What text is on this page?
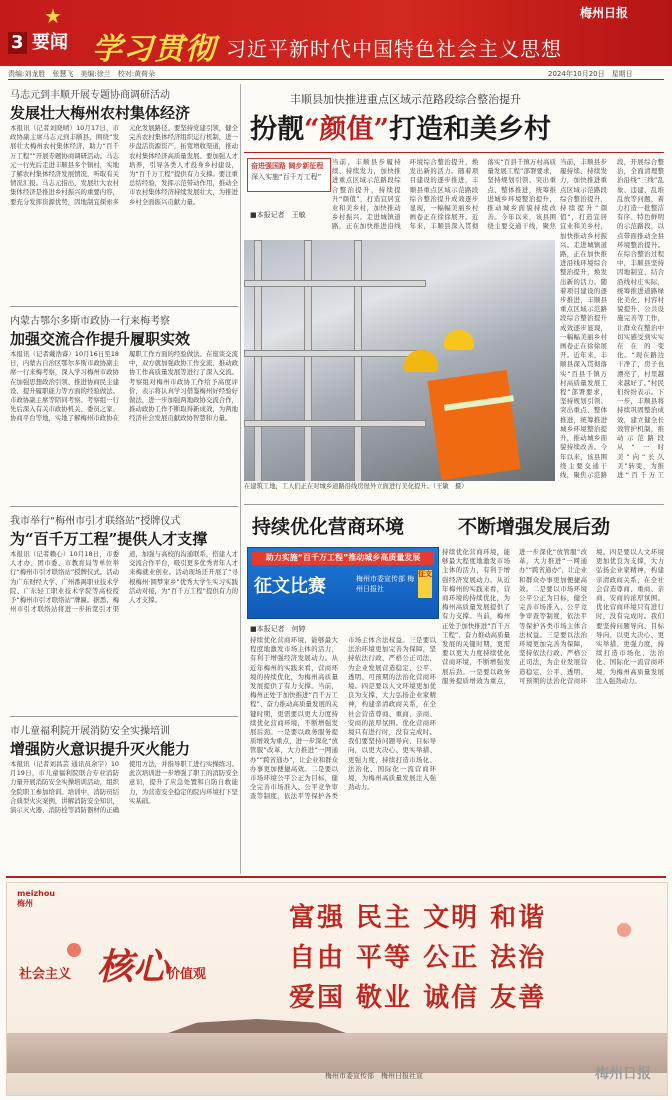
★
3 要闻 学习贯彻 习近平新时代中国特色社会主义思想
梅州日报
责编:刘龙胜　张慧飞　美编:徐兰　校对:黄荷朵	2024年10月20日　星期日
马志元到丰顺开展专题协商调研活动
发展壮大梅州农村集体经济
本报讯（记者刘晓晴）10月17日，市政协副主席马志元到丰顺县，围绕“发展壮大梅州农村集体经济，助力“百千万工程””开展专题协商调研活动。马志元一行先后走进丰顺县多个镇村，实地了解农村集体经济发展情况，听取有关情况汇报。马志元指出，发展壮大农村集体经济是推进乡村振兴的重要内容，要充分发挥资源优势，因地制宜探索多元化发展路径。要坚持党建引领，健全完善农村集体经济组织运行机制，进一步盘活资源资产，拓宽增收渠道，推动农村集体经济高质量发展。要加强人才培养，引导各类人才投身乡村建设，为“百千万工程”提供有力支撑。要注重总结经验，发挥示范带动作用，推动全市农村集体经济持续发展壮大，为推进乡村全面振兴贡献力量。
内蒙古鄂尔多斯市政协一行来梅考察
加强交流合作提升履职实效
本报讯（记者戴浩睿）10月16日至18日，内蒙古自治区鄂尔多斯市政协副主席一行来梅考察，深入学习梅州市政协在加强思想政治引领、推进协商民主建设、提升履职能力等方面的经验做法。市政协副主席等陪同考察。考察组一行先后深入有关市政协机关、委员之家、协商平台等地，实地了解梅州市政协在履职工作方面的经验做法。在座谈交流中，双方就加强政协工作交流、推动政协工作高质量发展等进行了深入交流。考察组对梅州市政协工作给予高度评价，表示将认真学习借鉴梅州好经验好做法，进一步加强两地政协交流合作，推动政协工作不断取得新成效，为两地经济社会发展贡献政协智慧和力量。
我市举行“梅州市引才联络站”授牌仪式
为“百千万工程”提供人才支撑
本报讯（记者赖心）10月18日，市委人才办、团市委、市教育局等单位举行“梅州市引才联络站”授牌仪式。活动为广东财经大学、广州番禺职业技术学院、广东轻工职业技术学院等高校授予“梅州市引才联络站”牌匾。据悉，梅州市引才联络站将进一步拓宽引才渠道，加强与高校的沟通联系，搭建人才交流合作平台，吸引更多优秀青年人才来梅就业创业。活动现场还开展了“寻根梅州·圆梦家乡”优秀大学生实习实践活动对接，为“百千万工程”提供有力的人才支撑。
市儿童福利院开展消防安全实操培训
增强防火意识提升灭火能力
本报讯（记者刘昌芸 通讯员余宇）10月19日，市儿童福利院联合专业消防力量开展消防安全实操培训活动，组织全院职工参加培训。培训中，消防员结合典型火灾案例，讲解消防安全知识，演示灭火器、消防栓等消防器材的正确使用方法，并指导职工进行实操练习。此次培训进一步增强了职工的消防安全意识，提升了应急处置和自防自救能力，为营造安全稳定的院内环境打下坚实基础。
丰顺县加快推进重点区域示范路段综合整治提升
扮靓“颜值”打造和美乡村
■本报记者　王敏
当前，丰顺县步履持续、持续发力，加快推进重点区域示范路段综合整治提升，持续提升“颜值”，打造宜居宜业和美乡村，加快推动乡村振兴。走进城镇道路，正在加快推进沿线环境综合整治提升，焕发出新的活力。随着项目建设的逐步推进，丰顺县重点区域示范路段综合整治提升成效逐步显现，一幅幅美丽乡村画卷正在徐徐展开。近年来，丰顺县深入贯彻落实“百县千镇万村高质量发展工程”部署要求，坚持规划引领、突出重点、整体推进，统筹推进城乡环境整治提升，推动城乡面貌持续改善。今年以来，该县围绕主要交通干线，聚焦
当前，丰顺县步履持续、持续发力，加快推进重点区域示范路段综合整治提升，持续提升“颜值”，打造宜居宜业和美乡村，加快推动乡村振兴。走进城镇道路，正在加快推进沿线环境综合整治提升，焕发出新的活力。随着项目建设的逐步推进，丰顺县重点区域示范路段综合整治提升成效逐步显现，一幅幅美丽乡村画卷正在徐徐展开。近年来，丰顺县深入贯彻落实“百县千镇万村高质量发展工程”部署要求，坚持规划引领、突出重点、整体推进，统筹推进城乡环境整治提升，推动城乡面貌持续改善。今年以来，该县围绕主要交通干线，聚焦示范路段，开展综合整治，全面清理整治沿线“三线”乱象、违建、乱堆乱放等问题，着力打造一批整洁有序、特色鲜明的示范路段，以点带面推动全县环境整治提升。在综合整治过程中，丰顺县坚持因地制宜，结合沿线村庄实际，统筹推进道路绿化美化、村容村貌提升、公共设施完善等工作，让群众在整治中切实感受到实实在在的变化。“现在路边干净了，房子也漂亮了，村里越来越好了。”村民们纷纷表示。下一步，丰顺县将持续巩固整治成效，建立健全长效管护机制，推动示范路段从“一时美”向“长久美”转变，为推进“百千万工
奋进强国路 阔步新征程
深入实施“百千万工程”
在建筑工地，工人们正在对城乡道路沿线房屋外立面进行美化提升。（王敏　摄）
持续优化营商环境	不断增强发展后劲
助力实施“百千万工程”推动城乡高质量发展
征文比赛	梅州市委宣传部 梅州日报社
征文
■本报记者　何婷
持续优化营商环境，能够最大程度地激发市场主体的活力，有利于增强经济发展动力。从近年梅州的实践来看，营商环境的持续优化，为梅州高质量发展提供了有力支撑。当前，梅州正处于加快推进“百千万工程”、奋力推动高质量发展的关键时期，更需要以更大力度持续优化营商环境，不断增强发展后劲。一是要以政务服务提质增效为重点，进一步深化“放管服”改革，大力推进“一网通办”“跨省通办”，让企业和群众办事更加便捷高效。二是要以市场环境公平公正为目标，健全完善市场准入、公平竞争审查等制度，依法平等保护各类市场主体合法权益。三是要以法治环境更加完善为保障，坚持依法行政、严格公正司法，为企业发展营造稳定、公平、透明、可预期的法治化营商环境。四是要以人文环境更加优良为支撑，大力弘扬企业家精神，构建亲清政商关系，在全社会营造尊商、重商、亲商、安商的浓厚氛围。优化营商环境只有进行时，没有完成时。我们要坚持问题导向、目标导向，以更大决心、更实举措、更强力度，持续打造市场化、法治化、国际化一流营商环境，为梅州高质量发展注入强劲动力。
持续优化营商环境，能够最大程度地激发市场主体的活力，有利于增强经济发展动力。从近年梅州的实践来看，营商环境的持续优化，为梅州高质量发展提供了有力支撑。当前，梅州正处于加快推进“百千万工程”、奋力推动高质量发展的关键时期，更需要以更大力度持续优化营商环境，不断增强发展后劲。一是要以政务服务提质增效为重点，进一步深化“放管服”改革，大力推进“一网通办”“跨省通办”，让企业和群众办事更加便捷高效。二是要以市场环境公平公正为目标，健全完善市场准入、公平竞争审查等制度，依法平等保护各类市场主体合法权益。三是要以法治环境更加完善为保障，坚持依法行政、严格公正司法，为企业发展营造稳定、公平、透明、可预期的法治化营商环境。四是要以人文环境更加优良为支撑，大力弘扬企业家精神，构建亲清政商关系，在全社会营造尊商、重商、亲商、安商的浓厚氛围。优化营商环境只有进行时，没有完成时。我们要坚持问题导向、目标导向，以更大决心、更实举措、更强力度，持续打造市场化、法治化、国际化一流营商环境，为梅州高质量发展注入强劲动力。
meizhou
梅州
社会主义 核心
价值观
富强 民主 文明 和谐
自由 平等 公正 法治
爱国 敬业 诚信 友善
梅州市委宣传部　梅州日报社宣	梅州日报
